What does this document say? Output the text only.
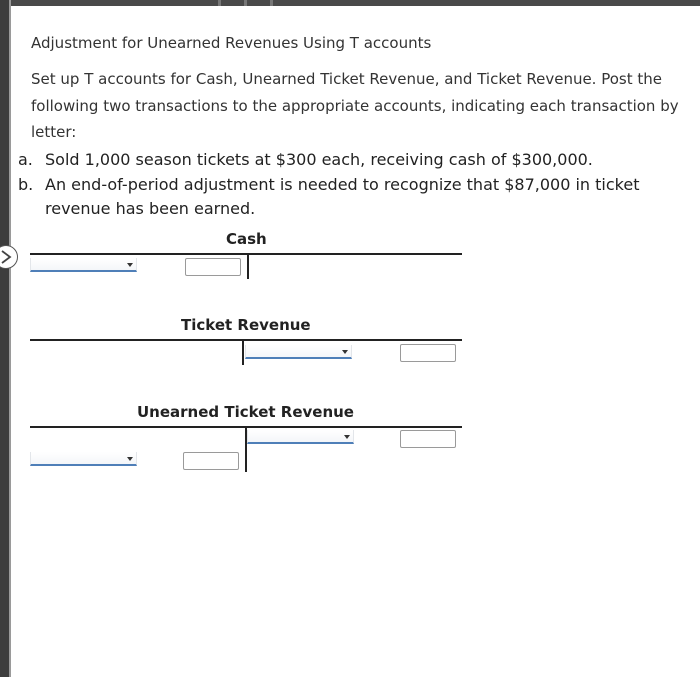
Adjustment for Unearned Revenues Using T accounts
Set up T accounts for Cash, Unearned Ticket Revenue, and Ticket Revenue. Post the following two transactions to the appropriate accounts, indicating each transaction by letter:
a. Sold 1,000 season tickets at $300 each, receiving cash of $300,000.
b. An end-of-period adjustment is needed to recognize that $87,000 in ticket revenue has been earned.
Cash
Ticket Revenue
Unearned Ticket Revenue
